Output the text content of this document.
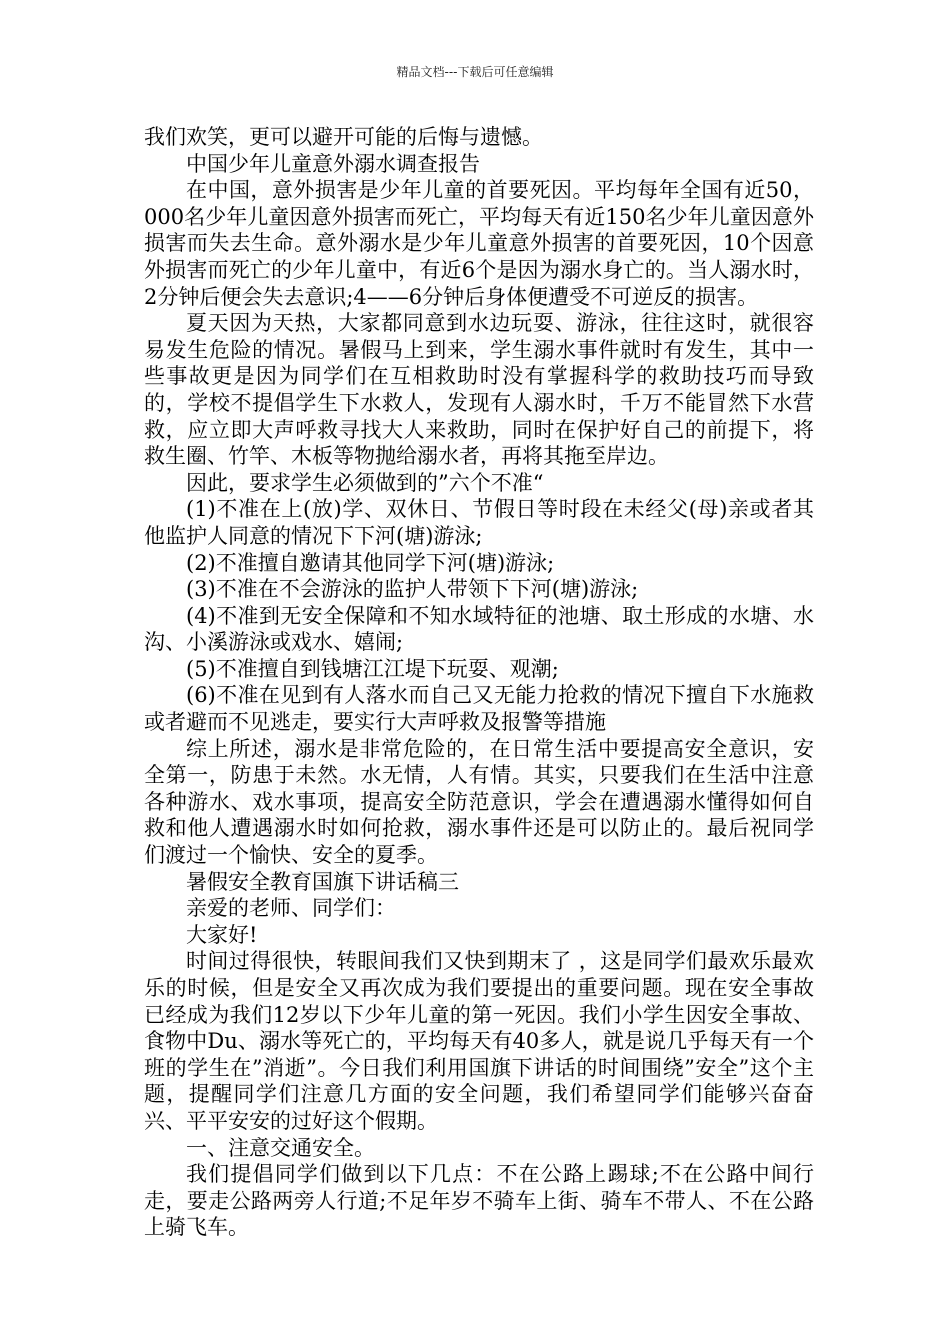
精品文档---下载后可任意编辑

我们欢笑，更可以避开可能的后悔与遗憾。

中国少年儿童意外溺水调查报告

在中国，意外损害是少年儿童的首要死因。平均每年全国有近50，000名少年儿童因意外损害而死亡，平均每天有近150名少年儿童因意外损害而失去生命。意外溺水是少年儿童意外损害的首要死因，10个因意外损害而死亡的少年儿童中，有近6个是因为溺水身亡的。当人溺水时，2分钟后便会失去意识;4——6分钟后身体便遭受不可逆反的损害。

夏天因为天热，大家都同意到水边玩耍、游泳，往往这时，就很容易发生危险的情况。暑假马上到来，学生溺水事件就时有发生，其中一些事故更是因为同学们在互相救助时没有掌握科学的救助技巧而导致的，学校不提倡学生下水救人，发现有人溺水时，千万不能冒然下水营救，应立即大声呼救寻找大人来救助，同时在保护好自己的前提下，将救生圈、竹竿、木板等物抛给溺水者，再将其拖至岸边。

因此，要求学生必须做到的”六个不准“

(1)不准在上(放)学、双休日、节假日等时段在未经父(母)亲或者其他监护人同意的情况下下河(塘)游泳;

(2)不准擅自邀请其他同学下河(塘)游泳;

(3)不准在不会游泳的监护人带领下下河(塘)游泳;

(4)不准到无安全保障和不知水域特征的池塘、取土形成的水塘、水沟、小溪游泳或戏水、嬉闹;

(5)不准擅自到钱塘江江堤下玩耍、观潮;

(6)不准在见到有人落水而自己又无能力抢救的情况下擅自下水施救或者避而不见逃走，要实行大声呼救及报警等措施

综上所述，溺水是非常危险的，在日常生活中要提高安全意识，安全第一，防患于未然。水无情，人有情。其实，只要我们在生活中注意各种游水、戏水事项，提高安全防范意识，学会在遭遇溺水懂得如何自救和他人遭遇溺水时如何抢救，溺水事件还是可以防止的。最后祝同学们渡过一个愉快、安全的夏季。

暑假安全教育国旗下讲话稿三

亲爱的老师、同学们：

大家好!

时间过得很快，转眼间我们又快到期末了 ，这是同学们最欢乐最欢乐的时候，但是安全又再次成为我们要提出的重要问题。现在安全事故已经成为我们12岁以下少年儿童的第一死因。我们小学生因安全事故、食物中Du、溺水等死亡的，平均每天有40多人，就是说几乎每天有一个班的学生在”消逝”。今日我们利用国旗下讲话的时间围绕”安全”这个主题，提醒同学们注意几方面的安全问题，我们希望同学们能够兴奋奋兴、平平安安的过好这个假期。

一、注意交通安全。

我们提倡同学们做到以下几点：不在公路上踢球;不在公路中间行走，要走公路两旁人行道;不足年岁不骑车上街、骑车不带人、不在公路上骑飞车。
